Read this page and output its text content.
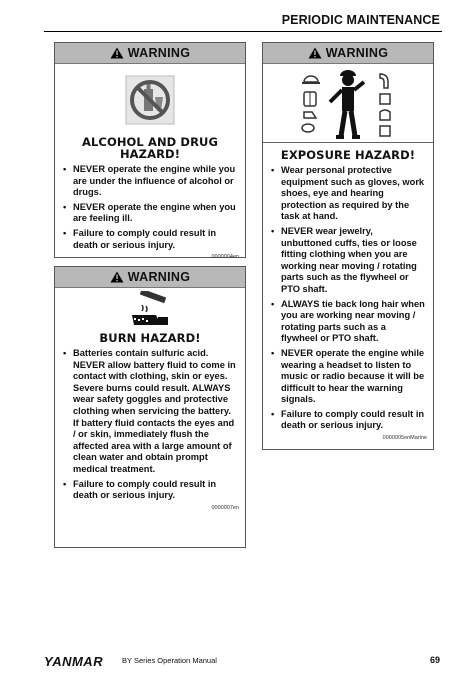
PERIODIC MAINTENANCE
WARNING
ALCOHOL AND DRUG HAZARD!
• NEVER operate the engine while you are under the influence of alcohol or drugs.
• NEVER operate the engine when you are feeling ill.
• Failure to comply could result in death or serious injury.
0000004en
WARNING
BURN HAZARD!
• Batteries contain sulfuric acid. NEVER allow battery fluid to come in contact with clothing, skin or eyes. Severe burns could result. ALWAYS wear safety goggles and protective clothing when servicing the battery. If battery fluid contacts the eyes and / or skin, immediately flush the affected area with a large amount of clean water and obtain prompt medical treatment.
• Failure to comply could result in death or serious injury.
0000007en
WARNING
EXPOSURE HAZARD!
• Wear personal protective equipment such as gloves, work shoes, eye and hearing protection as required by the task at hand.
• NEVER wear jewelry, unbuttoned cuffs, ties or loose fitting clothing when you are working near moving / rotating parts such as the flywheel or PTO shaft.
• ALWAYS tie back long hair when you are working near moving / rotating parts such as a flywheel or PTO shaft.
• NEVER operate the engine while wearing a headset to listen to music or radio because it will be difficult to hear the warning signals.
• Failure to comply could result in death or serious injury.
0000005enMarine
YANMAR	BY Series Operation Manual	69
